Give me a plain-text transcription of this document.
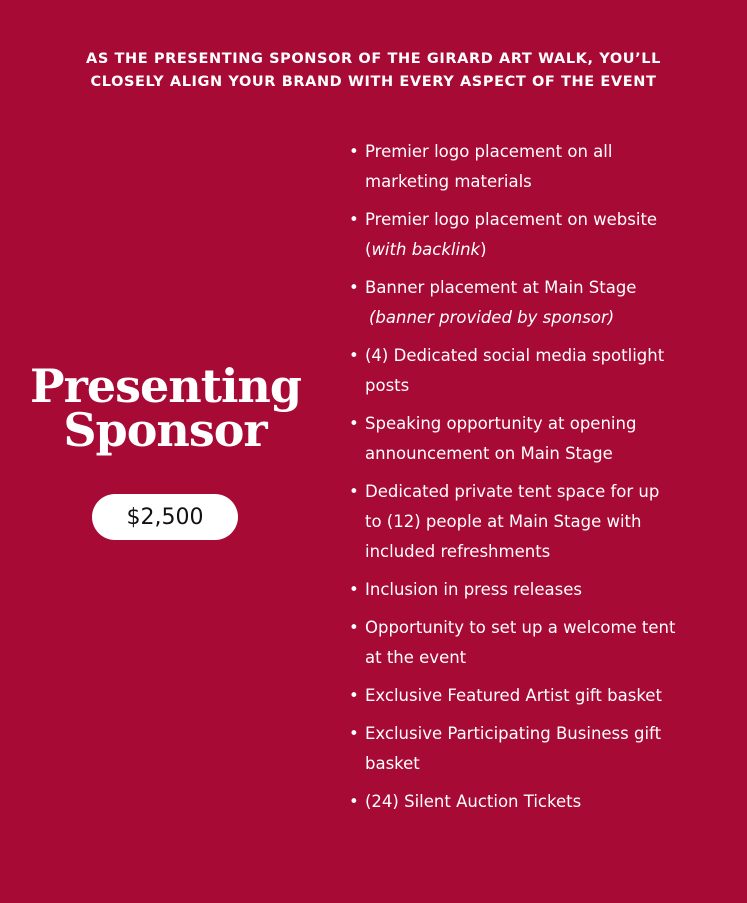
AS THE PRESENTING SPONSOR OF THE GIRARD ART WALK, YOU’LL
CLOSELY ALIGN YOUR BRAND WITH EVERY ASPECT OF THE EVENT
Presenting
Sponsor
$2,500
• Premier logo placement on all
marketing materials
• Premier logo placement on website
(with backlink)
• Banner placement at Main Stage
(banner provided by sponsor)
• (4) Dedicated social media spotlight
posts
• Speaking opportunity at opening
announcement on Main Stage
• Dedicated private tent space for up
to (12) people at Main Stage with
included refreshments
• Inclusion in press releases
• Opportunity to set up a welcome tent
at the event
• Exclusive Featured Artist gift basket
• Exclusive Participating Business gift
basket
• (24) Silent Auction Tickets
